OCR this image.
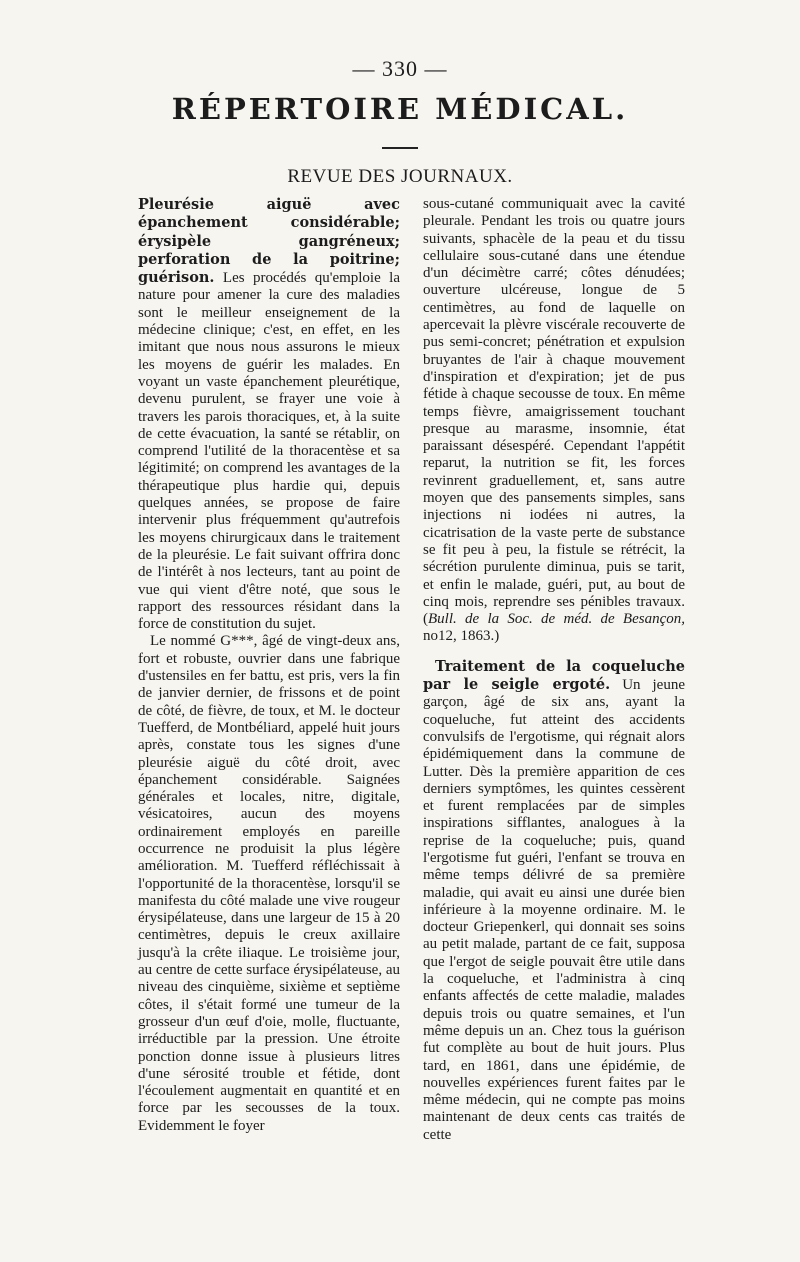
— 330 —
RÉPERTOIRE MÉDICAL.
REVUE DES JOURNAUX.

Pleurésie aiguë avec épanchement considérable; érysipèle gangréneux; perforation de la poitrine; guérison. Les procédés qu'emploie la nature pour amener la cure des maladies sont le meilleur enseignement de la médecine clinique; c'est, en effet, en les imitant que nous nous assurons le mieux les moyens de guérir les malades. En voyant un vaste épanchement pleurétique, devenu purulent, se frayer une voie à travers les parois thoraciques, et, à la suite de cette évacuation, la santé se rétablir, on comprend l'utilité de la thoracentèse et sa légitimité; on comprend les avantages de la thérapeutique plus hardie qui, depuis quelques années, se propose de faire intervenir plus fréquemment qu'autrefois les moyens chirurgicaux dans le traitement de la pleurésie. Le fait suivant offrira donc de l'intérêt à nos lecteurs, tant au point de vue qui vient d'être noté, que sous le rapport des ressources résidant dans la force de constitution du sujet.

Le nommé G***, âgé de vingt-deux ans, fort et robuste, ouvrier dans une fabrique d'ustensiles en fer battu, est pris, vers la fin de janvier dernier, de frissons et de point de côté, de fièvre, de toux, et M. le docteur Tuefferd, de Montbéliard, appelé huit jours après, constate tous les signes d'une pleurésie aiguë du côté droit, avec épanchement considérable. Saignées générales et locales, nitre, digitale, vésicatoires, aucun des moyens ordinairement employés en pareille occurrence ne produisit la plus légère amélioration. M. Tuefferd réfléchissait à l'opportunité de la thoracentèse, lorsqu'il se manifesta du côté malade une vive rougeur érysipélateuse, dans une largeur de 15 à 20 centimètres, depuis le creux axillaire jusqu'à la crête iliaque. Le troisième jour, au centre de cette surface érysipélateuse, au niveau des cinquième, sixième et septième côtes, il s'était formé une tumeur de la grosseur d'un œuf d'oie, molle, fluctuante, irréductible par la pression. Une étroite ponction donne issue à plusieurs litres d'une sérosité trouble et fétide, dont l'écoulement augmentait en quantité et en force par les secousses de la toux. Evidemment le foyer

sous-cutané communiquait avec la cavité pleurale. Pendant les trois ou quatre jours suivants, sphacèle de la peau et du tissu cellulaire sous-cutané dans une étendue d'un décimètre carré; côtes dénudées; ouverture ulcéreuse, longue de 5 centimètres, au fond de laquelle on apercevait la plèvre viscérale recouverte de pus semi-concret; pénétration et expulsion bruyantes de l'air à chaque mouvement d'inspiration et d'expiration; jet de pus fétide à chaque secousse de toux. En même temps fièvre, amaigrissement touchant presque au marasme, insomnie, état paraissant désespéré. Cependant l'appétit reparut, la nutrition se fit, les forces revinrent graduellement, et, sans autre moyen que des pansements simples, sans injections ni iodées ni autres, la cicatrisation de la vaste perte de substance se fit peu à peu, la fistule se rétrécit, la sécrétion purulente diminua, puis se tarit, et enfin le malade, guéri, put, au bout de cinq mois, reprendre ses pénibles travaux. (Bull. de la Soc. de méd. de Besançon, no12, 1863.)

Traitement de la coqueluche par le seigle ergoté. Un jeune garçon, âgé de six ans, ayant la coqueluche, fut atteint des accidents convulsifs de l'ergotisme, qui régnait alors épidémiquement dans la commune de Lutter. Dès la première apparition de ces derniers symptômes, les quintes cessèrent et furent remplacées par de simples inspirations sifflantes, analogues à la reprise de la coqueluche; puis, quand l'ergotisme fut guéri, l'enfant se trouva en même temps délivré de sa première maladie, qui avait eu ainsi une durée bien inférieure à la moyenne ordinaire. M. le docteur Griepenkerl, qui donnait ses soins au petit malade, partant de ce fait, supposa que l'ergot de seigle pouvait être utile dans la coqueluche, et l'administra à cinq enfants affectés de cette maladie, malades depuis trois ou quatre semaines, et l'un même depuis un an. Chez tous la guérison fut complète au bout de huit jours. Plus tard, en 1861, dans une épidémie, de nouvelles expériences furent faites par le même médecin, qui ne compte pas moins maintenant de deux cents cas traités de cette
